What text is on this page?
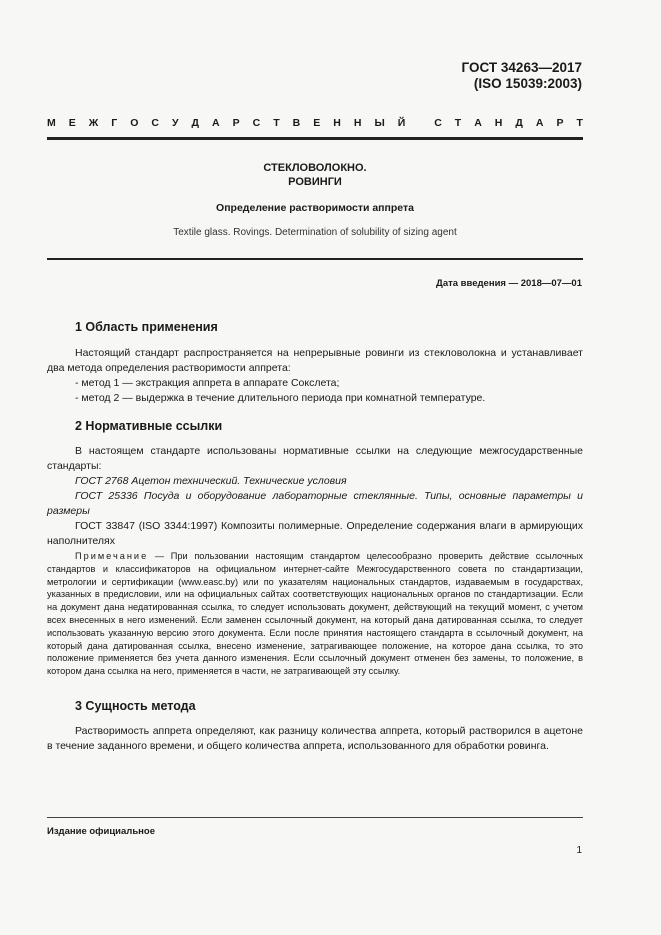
ГОСТ 34263—2017
(ISO 15039:2003)
М Е Ж Г О С У Д А Р С Т В Е Н Н Ы Й
	С Т А Н Д А Р Т
СТЕКЛОВОЛОКНО.
РОВИНГИ
Определение растворимости аппрета
Textile glass. Rovings. Determination of solubility of sizing agent
Дата введения — 2018—07—01
1 Область применения

Настоящий стандарт распространяется на непрерывные ровинги из стекловолокна и устанавливает два метода определения растворимости аппрета:

- метод 1 — экстракция аппрета в аппарате Сокслета;

- метод 2 — выдержка в течение длительного периода при комнатной температуре.

2 Нормативные ссылки

В настоящем стандарте использованы нормативные ссылки на следующие межгосударственные стандарты:

ГОСТ 2768 Ацетон технический. Технические условия

ГОСТ 25336 Посуда и оборудование лабораторные стеклянные. Типы, основные параметры и размеры

ГОСТ 33847 (ISO 3344:1997) Композиты полимерные. Определение содержания влаги в армирующих наполнителях

Примечание — При пользовании настоящим стандартом целесообразно проверить действие ссылочных стандартов и классификаторов на официальном интернет-сайте Межгосударственного совета по стандартизации, метрологии и сертификации (www.easc.by) или по указателям национальных стандартов, издаваемым в государствах, указанных в предисловии, или на официальных сайтах соответствующих национальных органов по стандартизации. Если на документ дана недатированная ссылка, то следует использовать документ, действующий на текущий момент, с учетом всех внесенных в него изменений. Если заменен ссылочный документ, на который дана датированная ссылка, то следует использовать указанную версию этого документа. Если после принятия настоящего стандарта в ссылочный документ, на который дана датированная ссылка, внесено изменение, затрагивающее положение, на которое дана ссылка, то это положение применяется без учета данного изменения. Если ссылочный документ отменен без замены, то положение, в котором дана ссылка на него, применяется в части, не затрагивающей эту ссылку.

3 Сущность метода

Растворимость аппрета определяют, как разницу количества аппрета, который растворился в ацетоне в течение заданного времени, и общего количества аппрета, использованного для обработки ровинга.

Издание официальное
1
